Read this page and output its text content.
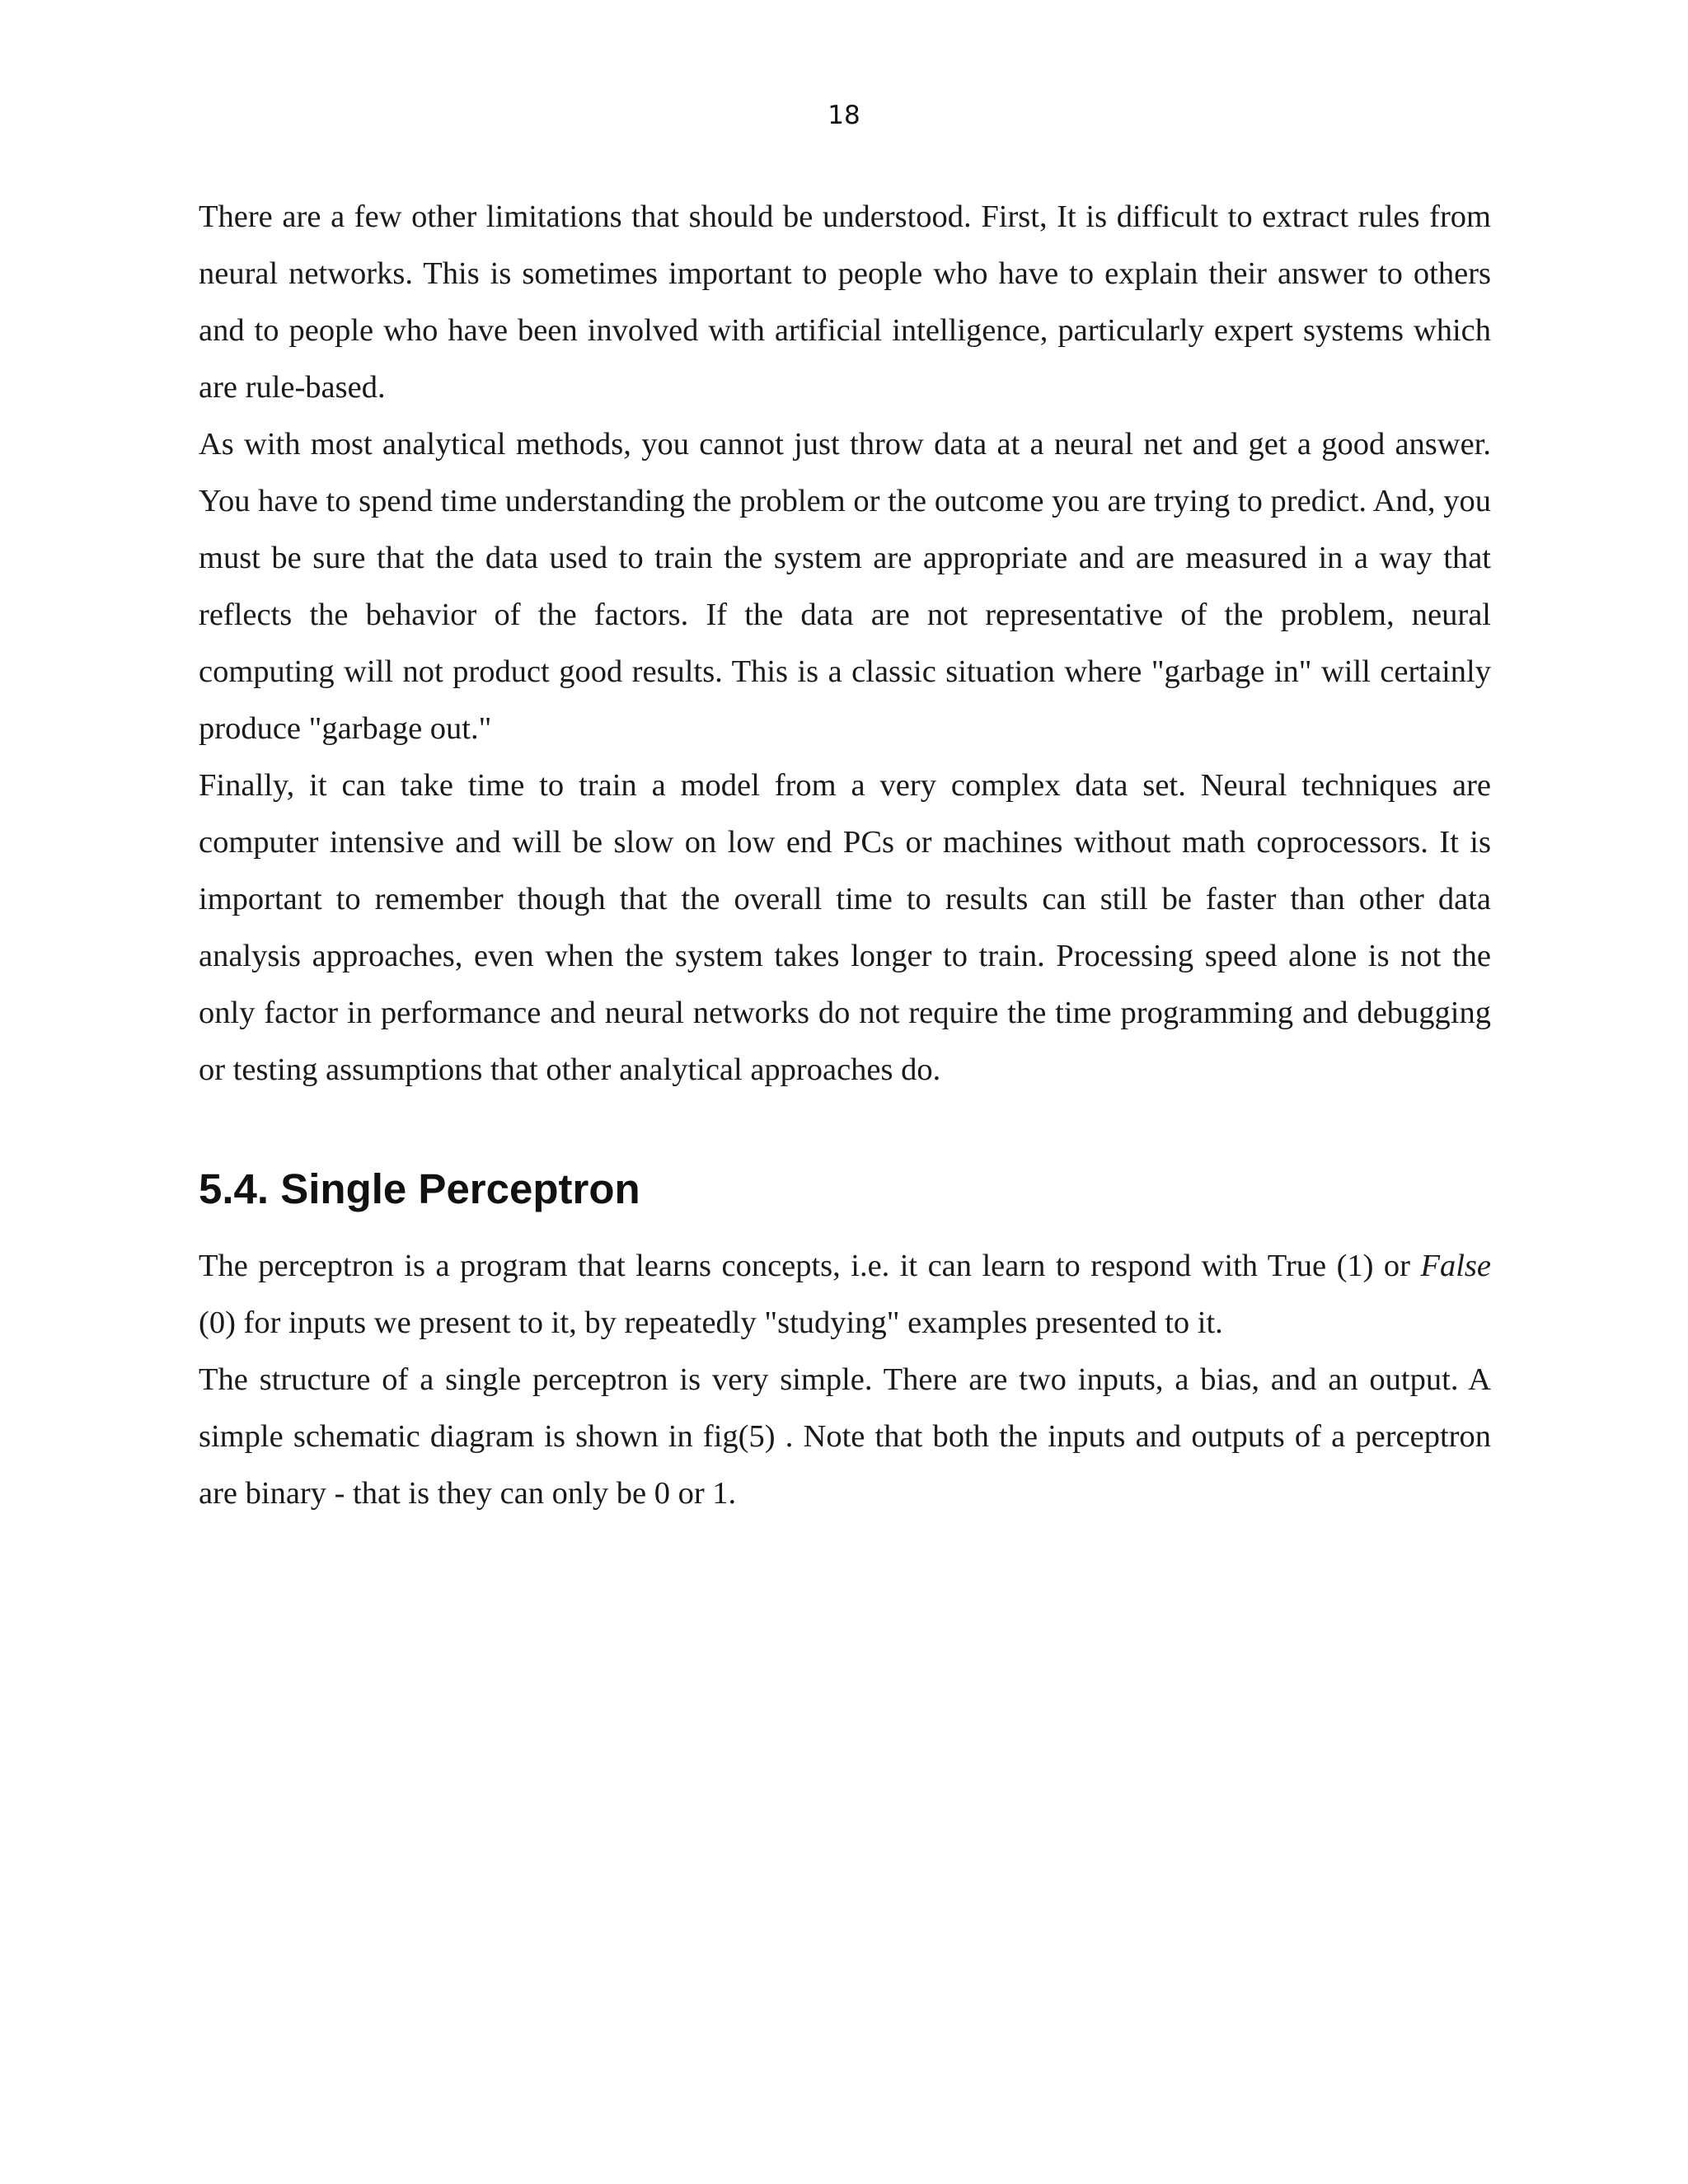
18

There are a few other limitations that should be understood. First, It is difficult to extract rules from neural networks. This is sometimes important to people who have to explain their answer to others and to people who have been involved with artificial intelligence, particularly expert systems which are rule-based.

As with most analytical methods, you cannot just throw data at a neural net and get a good answer. You have to spend time understanding the problem or the outcome you are trying to predict. And, you must be sure that the data used to train the system are appropriate and are measured in a way that reflects the behavior of the factors. If the data are not representative of the problem, neural computing will not product good results. This is a classic situation where "garbage in" will certainly produce "garbage out."

Finally, it can take time to train a model from a very complex data set. Neural techniques are computer intensive and will be slow on low end PCs or machines without math coprocessors. It is important to remember though that the overall time to results can still be faster than other data analysis approaches, even when the system takes longer to train. Processing speed alone is not the only factor in performance and neural networks do not require the time programming and debugging or testing assumptions that other analytical approaches do.

5.4. Single Perceptron

The perceptron is a program that learns concepts, i.e. it can learn to respond with True (1) or False (0) for inputs we present to it, by repeatedly "studying" examples presented to it.

The structure of a single perceptron is very simple. There are two inputs, a bias, and an output. A simple schematic diagram is shown in fig(5) . Note that both the inputs and outputs of a perceptron are binary - that is they can only be 0 or 1.
